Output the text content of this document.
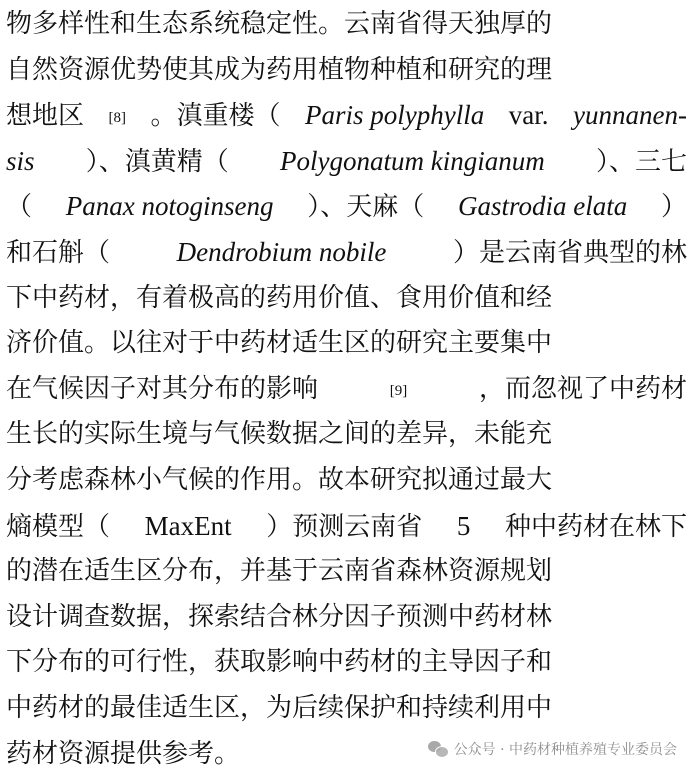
物多样性和生态系统稳定性。云南省得天独厚的
自然资源优势使其成为药用植物种植和研究的理
想地区 [8] 。滇重楼（ Paris polyphylla var. yunnanen-
sis ）、滇黄精（ Polygonatum kingianum ）、三七
（ Panax notoginseng ）、天麻（ Gastrodia elata ）
和石斛（ Dendrobium nobile	）是云南省典型的林
下中药材，有着极高的药用价值、食用价值和经
济价值。以往对于中药材适生区的研究主要集中
在气候因子对其分布的影响	[9]	，而忽视了中药材
生长的实际生境与气候数据之间的差异，未能充
分考虑森林小气候的作用。故本研究拟通过最大
熵模型（ MaxEnt ）预测云南省 5 种中药材在林下
的潜在适生区分布，并基于云南省森林资源规划
设计调查数据，探索结合林分因子预测中药材林
下分布的可行性，获取影响中药材的主导因子和
中药材的最佳适生区，为后续保护和持续利用中
药材资源提供参考。	公众号 · 中药材种植养殖专业委员会
